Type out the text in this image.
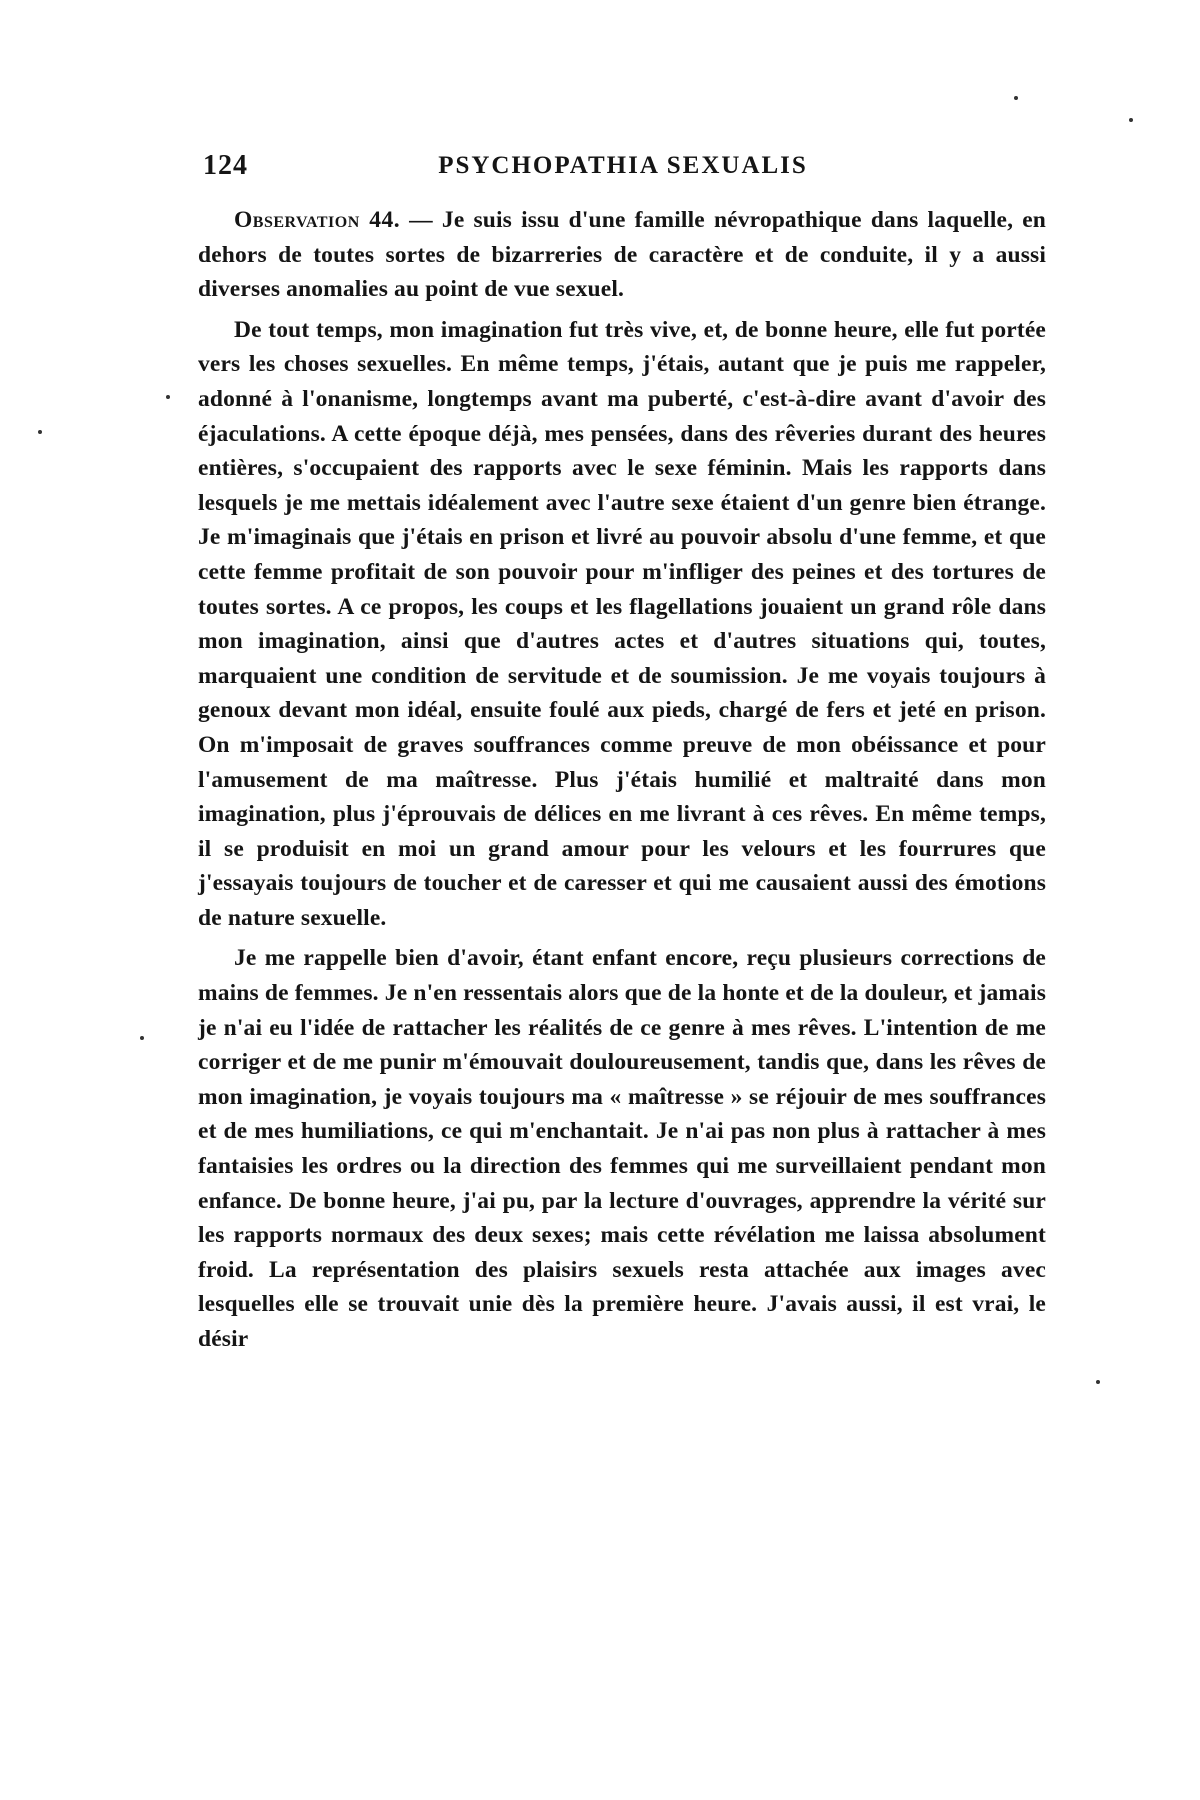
124	PSYCHOPATHIA SEXUALIS

Observation 44. — Je suis issu d'une famille névropathique dans laquelle, en dehors de toutes sortes de bizarreries de caractère et de conduite, il y a aussi diverses anomalies au point de vue sexuel.

De tout temps, mon imagination fut très vive, et, de bonne heure, elle fut portée vers les choses sexuelles. En même temps, j'étais, autant que je puis me rappeler, adonné à l'onanisme, longtemps avant ma puberté, c'est-à-dire avant d'avoir des éjaculations. A cette époque déjà, mes pensées, dans des rêveries durant des heures entières, s'occupaient des rapports avec le sexe féminin. Mais les rapports dans lesquels je me mettais idéalement avec l'autre sexe étaient d'un genre bien étrange. Je m'imaginais que j'étais en prison et livré au pouvoir absolu d'une femme, et que cette femme profitait de son pouvoir pour m'infliger des peines et des tortures de toutes sortes. A ce propos, les coups et les flagellations jouaient un grand rôle dans mon imagination, ainsi que d'autres actes et d'autres situations qui, toutes, marquaient une condition de servitude et de soumission. Je me voyais toujours à genoux devant mon idéal, ensuite foulé aux pieds, chargé de fers et jeté en prison. On m'imposait de graves souffrances comme preuve de mon obéissance et pour l'amusement de ma maîtresse. Plus j'étais humilié et maltraité dans mon imagination, plus j'éprouvais de délices en me livrant à ces rêves. En même temps, il se produisit en moi un grand amour pour les velours et les fourrures que j'essayais toujours de toucher et de caresser et qui me causaient aussi des émotions de nature sexuelle.

Je me rappelle bien d'avoir, étant enfant encore, reçu plusieurs corrections de mains de femmes. Je n'en ressentais alors que de la honte et de la douleur, et jamais je n'ai eu l'idée de rattacher les réalités de ce genre à mes rêves. L'intention de me corriger et de me punir m'émouvait douloureusement, tandis que, dans les rêves de mon imagination, je voyais toujours ma « maîtresse » se réjouir de mes souffrances et de mes humiliations, ce qui m'enchantait. Je n'ai pas non plus à rattacher à mes fantaisies les ordres ou la direction des femmes qui me surveillaient pendant mon enfance. De bonne heure, j'ai pu, par la lecture d'ouvrages, apprendre la vérité sur les rapports normaux des deux sexes; mais cette révélation me laissa absolument froid. La représentation des plaisirs sexuels resta attachée aux images avec lesquelles elle se trouvait unie dès la première heure. J'avais aussi, il est vrai, le désir
